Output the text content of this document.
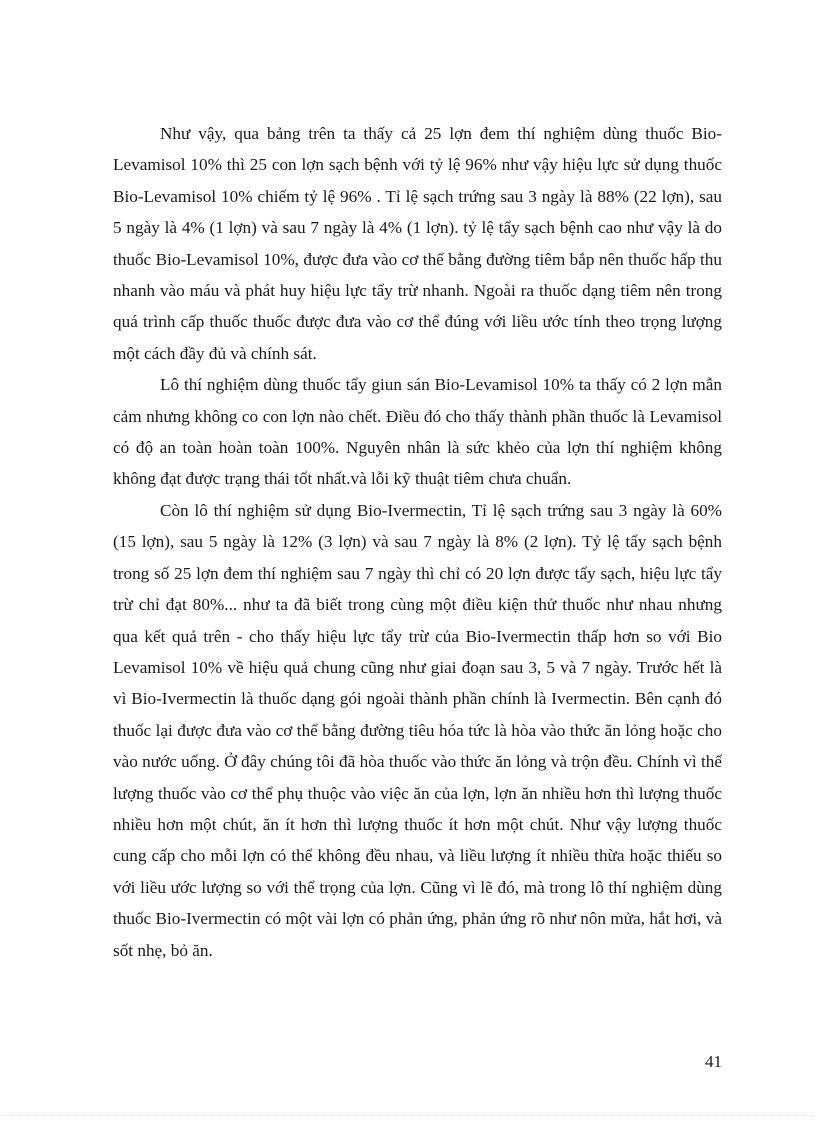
Như vậy, qua bảng trên ta thấy cả 25 lợn đem thí nghiệm dùng thuốc Bio-Levamisol 10% thì 25 con lợn sạch bệnh với tỷ lệ 96% như vậy hiệu lực sử dụng thuốc Bio-Levamisol 10% chiếm tỷ lệ 96% . Tỉ lệ sạch trứng sau 3 ngày là 88% (22 lợn), sau 5 ngày là 4% (1 lợn) và sau 7 ngày là 4% (1 lợn). tỷ lệ tẩy sạch bệnh cao như vậy là do thuốc Bio-Levamisol 10%, được đưa vào cơ thể bằng đường tiêm bắp nên thuốc hấp thu nhanh vào máu và phát huy hiệu lực tẩy trừ nhanh. Ngoài ra thuốc dạng tiêm nên trong quá trình cấp thuốc thuốc được đưa vào cơ thể đúng với liều ước tính theo trọng lượng một cách đầy đủ và chính sát.

Lô thí nghiệm dùng thuốc tẩy giun sán Bio-Levamisol 10% ta thấy có 2 lợn mẫn cảm nhưng không co con lợn nào chết. Điều đó cho thấy thành phần thuốc là Levamisol có độ an toàn hoàn toàn 100%. Nguyên nhân là sức khẻo của lợn thí nghiệm không không đạt được trạng thái tốt nhất.và lỗi kỹ thuật tiêm chưa chuẩn.

Còn lô thí nghiệm sử dụng Bio-Ivermectin, Tỉ lệ sạch trứng sau 3 ngày là 60% (15 lợn), sau 5 ngày là 12% (3 lợn) và sau 7 ngày là 8% (2 lợn). Tỷ lệ tẩy sạch bệnh trong số 25 lợn đem thí nghiệm sau 7 ngày thì chỉ có 20 lợn được tẩy sạch, hiệu lực tẩy trừ chỉ đạt 80%... như ta đã biết trong cùng một điều kiện thử thuốc như nhau nhưng qua kết quả trên - cho thấy hiệu lực tẩy trừ của Bio-Ivermectin thấp hơn so với Bio Levamisol 10% về hiệu quả chung cũng như giai đoạn sau 3, 5 và 7 ngày. Trước hết là vì Bio-Ivermectin là thuốc dạng gói ngoài thành phần chính là Ivermectin. Bên cạnh đó thuốc lại được đưa vào cơ thể bằng đường tiêu hóa tức là hòa vào thức ăn lỏng hoặc cho vào nước uống. Ở đây chúng tôi đã hòa thuốc vào thức ăn lỏng và trộn đều. Chính vì thế lượng thuốc vào cơ thể phụ thuộc vào việc ăn của lợn, lợn ăn nhiều hơn thì lượng thuốc nhiều hơn một chút, ăn ít hơn thì lượng thuốc ít hơn một chút. Như vậy lượng thuốc cung cấp cho mỗi lợn có thể không đều nhau, và liều lượng ít nhiều thừa hoặc thiếu so với liều ước lượng so với thể trọng của lợn. Cũng vì lẽ đó, mà trong lô thí nghiệm dùng thuốc Bio-Ivermectin có một vài lợn có phản ứng, phản ứng rõ như nôn mửa, hắt hơi, và sốt nhẹ, bỏ ăn.

41
